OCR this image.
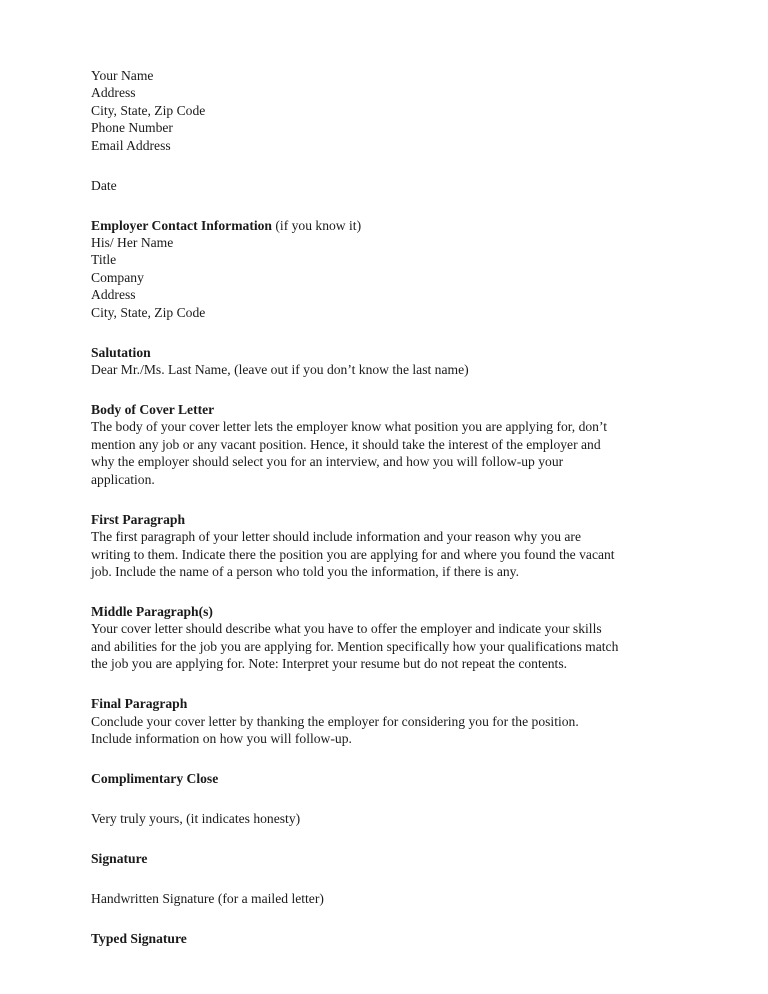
Your Name
Address
City, State, Zip Code
Phone Number
Email Address
Date
Employer Contact Information (if you know it)
His/ Her Name
Title
Company
Address
City, State, Zip Code
Salutation
Dear Mr./Ms. Last Name, (leave out if you don’t know the last name)
Body of Cover Letter
The body of your cover letter lets the employer know what position you are applying for, don’t
mention any job or any vacant position. Hence, it should take the interest of the employer and
why the employer should select you for an interview, and how you will follow-up your
application.
First Paragraph
The first paragraph of your letter should include information and your reason why you are
writing to them. Indicate there the position you are applying for and where you found the vacant
job. Include the name of a person who told you the information, if there is any.
Middle Paragraph(s)
Your cover letter should describe what you have to offer the employer and indicate your skills
and abilities for the job you are applying for. Mention specifically how your qualifications match
the job you are applying for. Note: Interpret your resume but do not repeat the contents.
Final Paragraph
Conclude your cover letter by thanking the employer for considering you for the position.
Include information on how you will follow-up.
Complimentary Close
Very truly yours, (it indicates honesty)
Signature
Handwritten Signature (for a mailed letter)
Typed Signature
